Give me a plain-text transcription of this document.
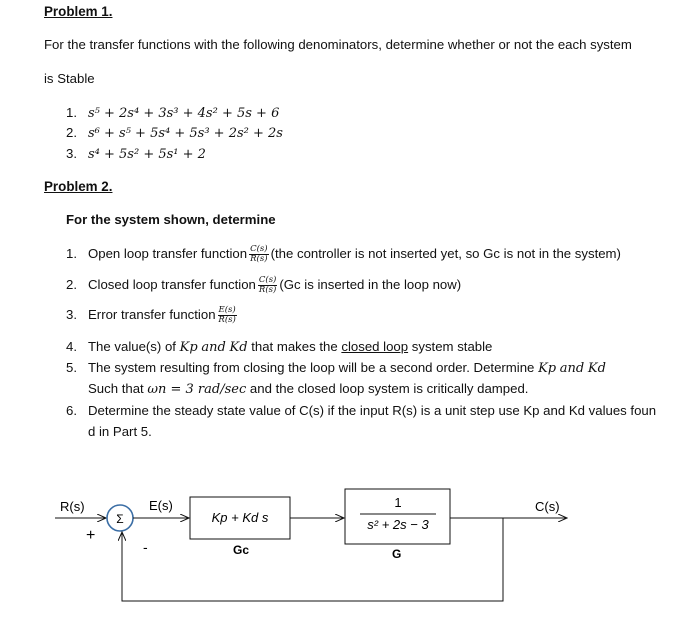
Problem 1.
For the transfer functions with the following denominators, determine whether or not the each system
is Stable
1. s⁵ + 2s⁴ + 3s³ + 4s² + 5s + 6
2. s⁶ + s⁵ + 5s⁴ + 5s³ + 2s² + 2s
3. s⁴ + 5s² + 5s¹ + 2
Problem 2.
For the system shown, determine
1. Open loop transfer function $\frac{C(s)}{R(s)} (the$ controller is not inserted yet, so Gc is not in the system)
2. Closed loop transfer function $\frac{C(s)}{R(s)} (Gc$ is inserted in the loop now)
3. Error transfer function $\frac{E(s)}{R(s)}$
4. The value(s) of Kp and Kd that makes the closed loop system stable
5. The system resulting from closing the loop will be a second order. Determine Kp and Kd
Such that ωn = 3 rad/sec and the closed loop system is critically damped.
6. Determine the steady state value of C(s) if the input R(s) is a unit step use Kp and Kd values foun
d in Part 5.
R(s)
Σ
+
-
E(s)
Kp + Kd s
Gc
1
s² + 2s − 3
G
C(s)
